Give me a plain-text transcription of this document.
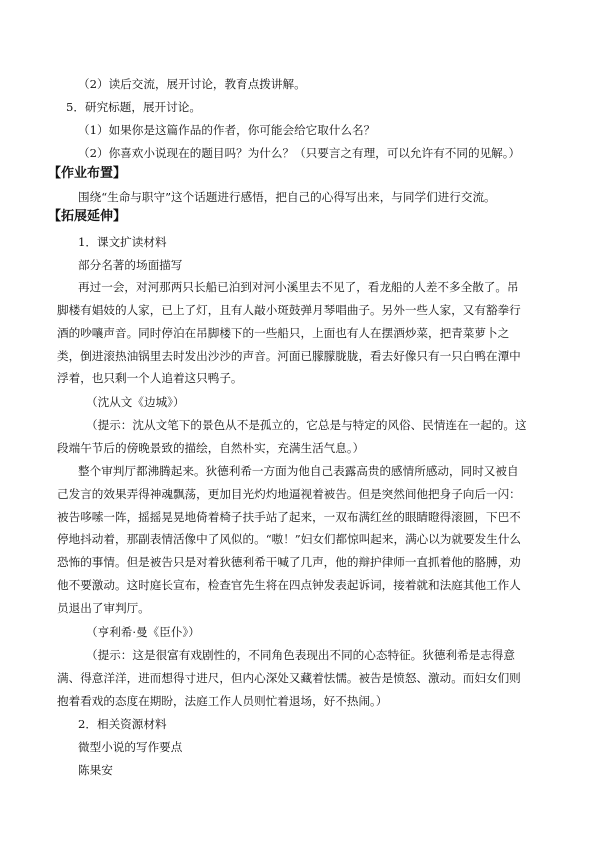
（2）读后交流，展开讨论，教育点拨讲解。
5．研究标题，展开讨论。
（1）如果你是这篇作品的作者，你可能会给它取什么名？
（2）你喜欢小说现在的题目吗？为什么？（只要言之有理，可以允许有不同的见解。）
【作业布置】
围绕“生命与职守”这个话题进行感悟，把自己的心得写出来，与同学们进行交流。
【拓展延伸】
1．课文扩读材料
部分名著的场面描写
再过一会，对河那两只长船已泊到对河小溪里去不见了，看龙船的人差不多全散了。吊
脚楼有娼妓的人家，已上了灯，且有人敲小斑鼓弹月琴唱曲子。另外一些人家，又有豁拳行
酒的吵嚷声音。同时停泊在吊脚楼下的一些船只，上面也有人在摆酒炒菜，把青菜萝卜之
类，倒进滚热油锅里去时发出沙沙的声音。河面已朦朦胧胧，看去好像只有一只白鸭在潭中
浮着，也只剩一个人追着这只鸭子。
（沈从文《边城》）
（提示：沈从文笔下的景色从不是孤立的，它总是与特定的风俗、民情连在一起的。这
段端午节后的傍晚景致的描绘，自然朴实，充满生活气息。）
整个审判厅都沸腾起来。狄德利希一方面为他自己表露高贵的感情所感动，同时又被自
己发言的效果弄得神魂飘荡，更加目光灼灼地逼视着被告。但是突然间他把身子向后一闪：
被告哆嗦一阵，摇摇晃晃地倚着椅子扶手站了起来，一双布满红丝的眼睛瞪得滚圆，下巴不
停地抖动着，那副表情活像中了风似的。“嗷！”妇女们都惊叫起来，满心以为就要发生什么
恐怖的事情。但是被告只是对着狄德利希干喊了几声，他的辩护律师一直抓着他的胳膊，劝
他不要激动。这时庭长宣布，检查官先生将在四点钟发表起诉词，接着就和法庭其他工作人
员退出了审判厅。
（亨利希·曼《臣仆》）
（提示：这是很富有戏剧性的，不同角色表现出不同的心态特征。狄德利希是志得意
满、得意洋洋，进而想得寸进尺，但内心深处又藏着怯懦。被告是愤怒、激动。而妇女们则
抱着看戏的态度在期盼，法庭工作人员则忙着退场，好不热闹。）
2．相关资源材料
微型小说的写作要点
陈果安
